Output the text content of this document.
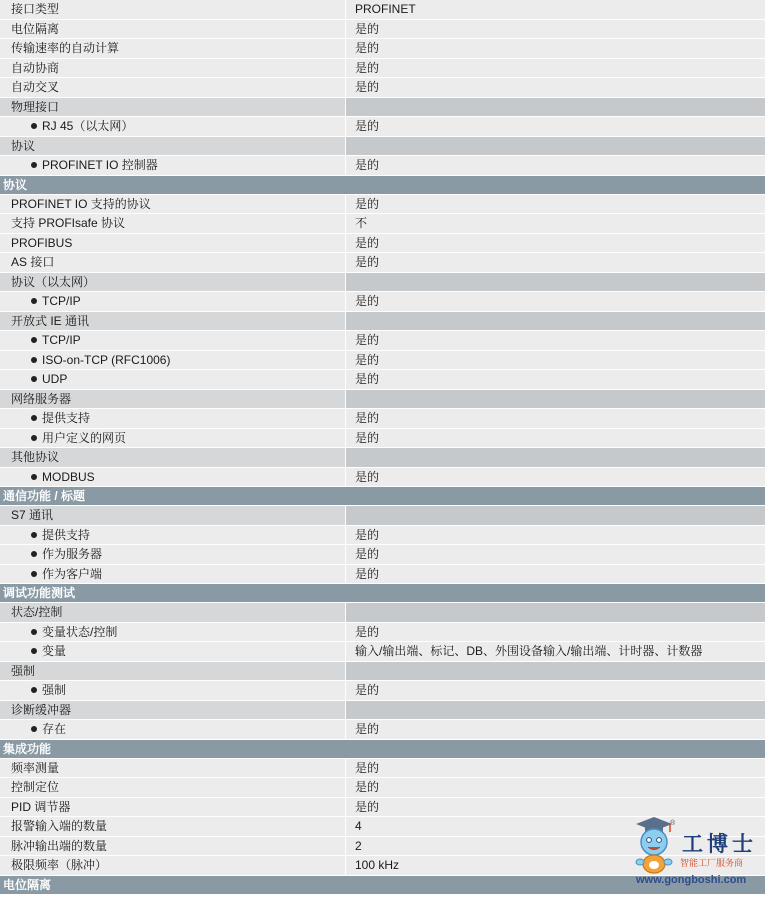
接口类型	PROFINET
电位隔离	是的
传输速率的自动计算	是的
自动协商	是的
自动交叉	是的
物理接口
RJ 45（以太网）	是的
协议
PROFINET IO 控制器	是的
协议
PROFINET IO 支持的协议	是的
支持 PROFIsafe 协议	不
PROFIBUS	是的
AS 接口	是的
协议（以太网）
TCP/IP	是的
开放式 IE 通讯
TCP/IP	是的
ISO-on-TCP (RFC1006)	是的
UDP	是的
网络服务器
提供支持	是的
用户定义的网页	是的
其他协议
MODBUS	是的
通信功能 / 标题
S7 通讯
提供支持	是的
作为服务器	是的
作为客户端	是的
调试功能测试
状态/控制
变量状态/控制	是的
变量	输入/输出端、标记、DB、外围设备输入/输出端、计时器、计数器
强制
强制	是的
诊断缓冲器
存在	是的
集成功能
频率测量	是的
控制定位	是的
PID 调节器	是的
报警输入端的数量	4
脉冲输出端的数量	2
极限频率（脉冲）	100 kHz
电位隔离
®
工博士
智能工厂服务商
www.gongboshi.com
